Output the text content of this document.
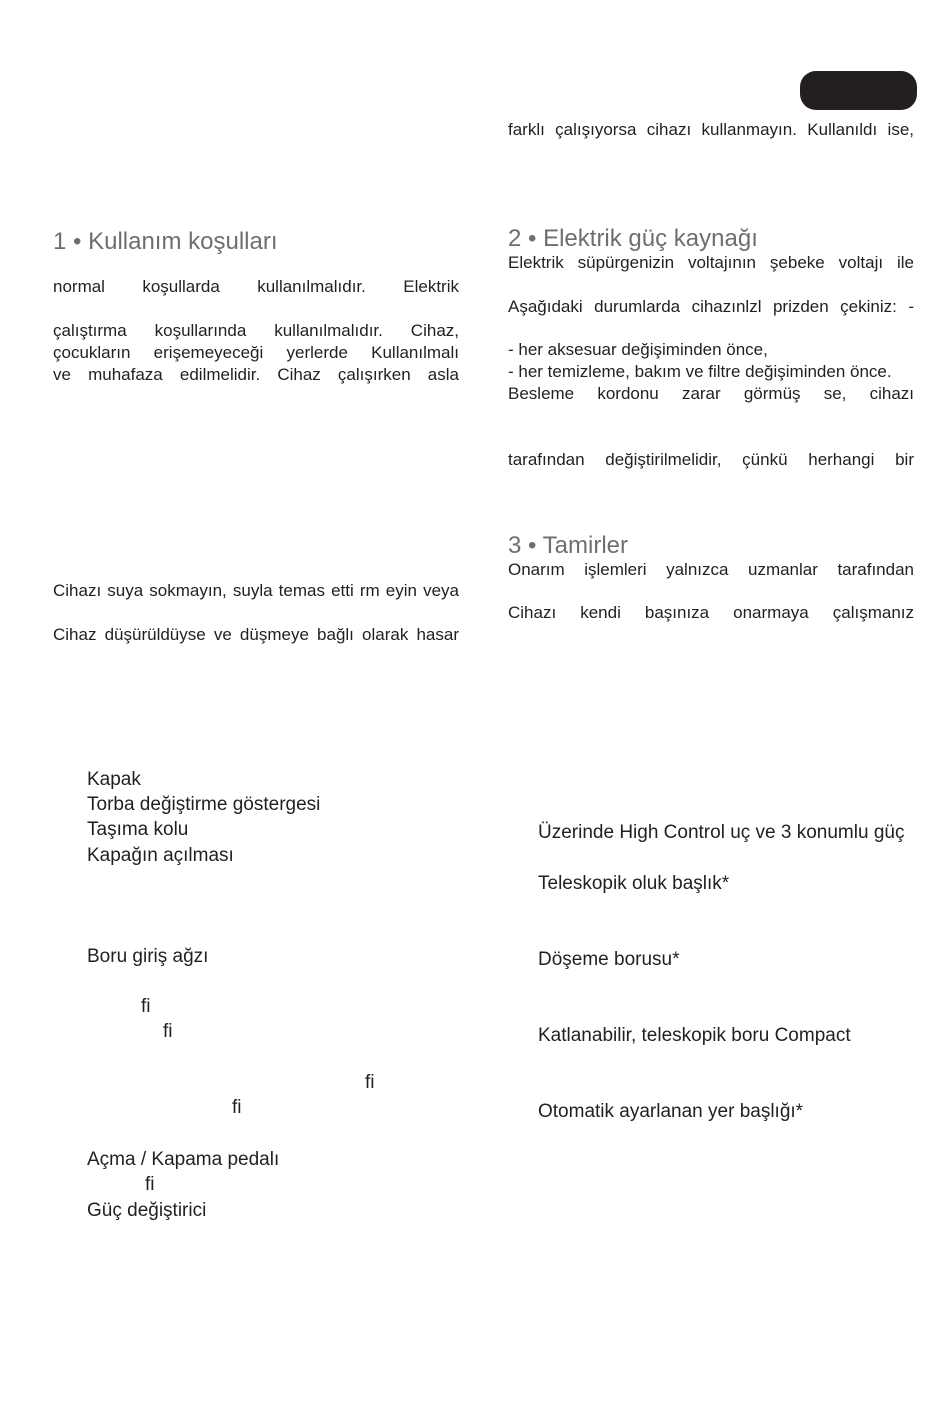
farklı çalışıyorsa cihazı kullanmayın. Kullanıldı ise,
1 • Kullanım koşulları
normal koşullarda kullanılmalıdır. Elektrik
çalıştırma koşullarında kullanılmalıdır. Cihaz,
çocukların erişemeyeceği yerlerde Kullanılmalı
ve muhafaza edilmelidir. Cihaz çalışırken asla
Cihazı suya sokmayın, suyla temas etti rm eyin veya
Cihaz düşürüldüyse ve düşmeye bağlı olarak hasar
2 • Elektrik güç kaynağı
Elektrik süpürgenizin voltajının şebeke voltajı ile
Aşağıdaki durumlarda cihazınlzl prizden çekiniz: -
- her aksesuar değişiminden önce,
- her temizleme, bakım ve filtre değişiminden önce.
Besleme kordonu zarar görmüş se, cihazı
tarafından değiştirilmelidir, çünkü herhangi bir
3 • Tamirler
Onarım işlemleri yalnızca uzmanlar tarafından
Cihazı kendi başınıza onarmaya çalışmanız
Kapak
Torba değiştirme göstergesi
Taşıma kolu
Kapağın açılması
Boru giriş ağzı
ﬁ
ﬁ
ﬁ
ﬁ
Açma / Kapama pedalı
ﬁ
Güç değiştirici
Üzerinde High Control uç ve 3 konumlu güç
Teleskopik oluk başlık*
Döşeme borusu*
Katlanabilir, teleskopik boru Compact
Otomatik ayarlanan yer başlığı*
